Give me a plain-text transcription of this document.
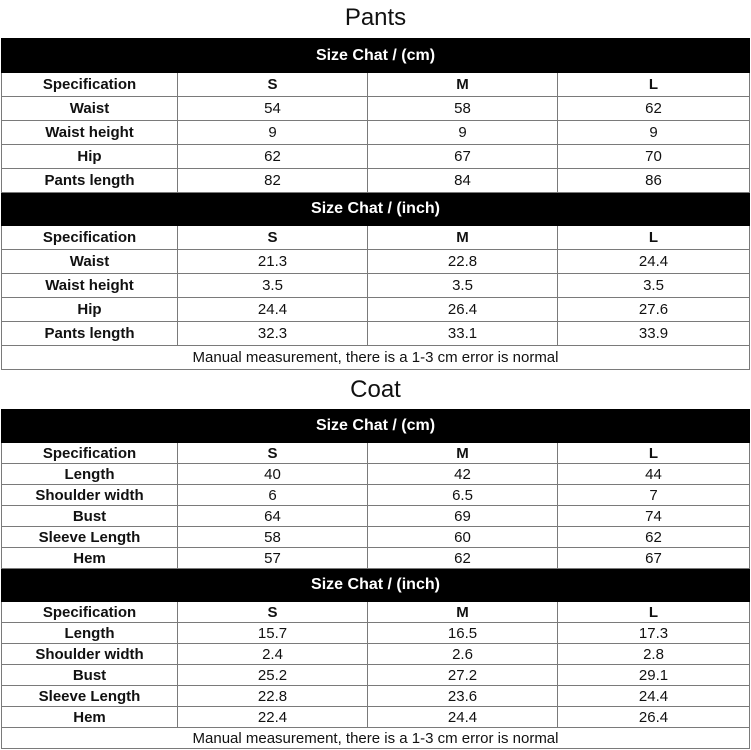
Pants
Size Chat / (cm)			
Specification	S	M	L
Waist	54	58	62
Waist height	9	9	9
Hip	62	67	70
Pants length	82	84	86
Size Chat / (inch)			
Specification	S	M	L
Waist	21.3	22.8	24.4
Waist height	3.5	3.5	3.5
Hip	24.4	26.4	27.6
Pants length	32.3	33.1	33.9
Manual measurement, there is a 1-3 cm error is normal			
Coat
Size Chat / (cm)			
Specification	S	M	L
Length	40	42	44
Shoulder width	6	6.5	7
Bust	64	69	74
Sleeve Length	58	60	62
Hem	57	62	67
Size Chat / (inch)			
Specification	S	M	L
Length	15.7	16.5	17.3
Shoulder width	2.4	2.6	2.8
Bust	25.2	27.2	29.1
Sleeve Length	22.8	23.6	24.4
Hem	22.4	24.4	26.4
Manual measurement, there is a 1-3 cm error is normal			
